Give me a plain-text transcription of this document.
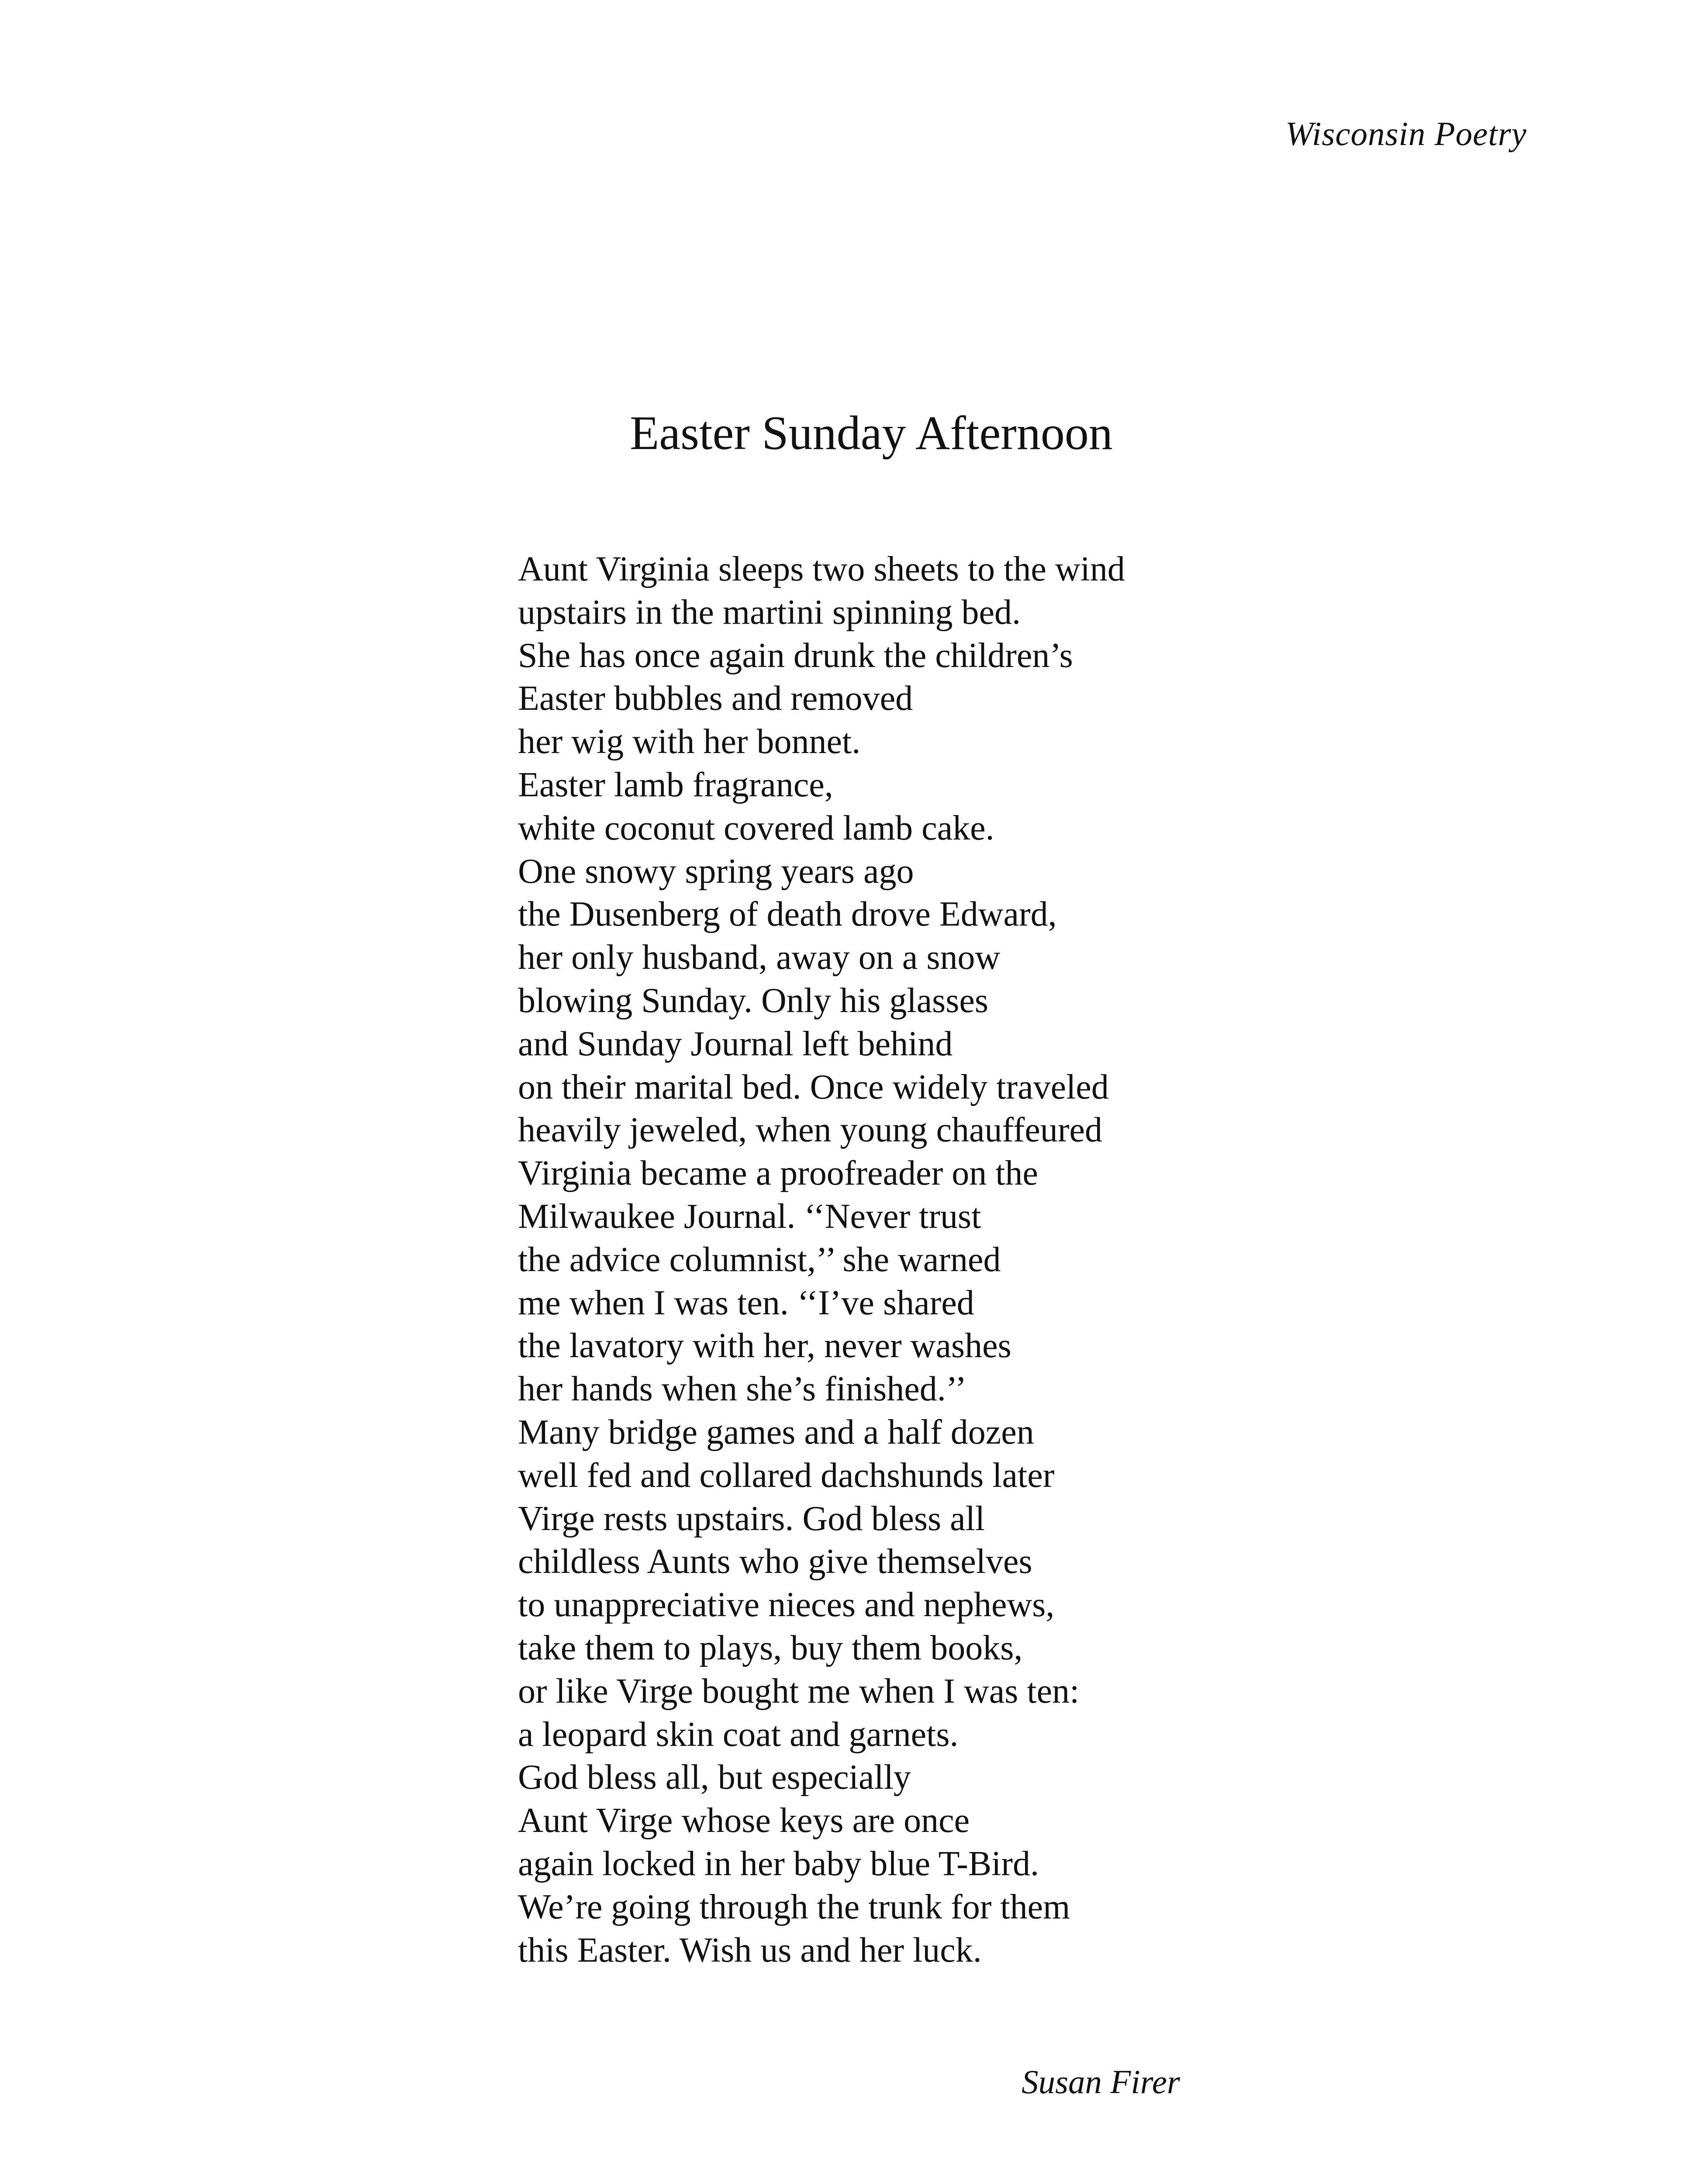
Wisconsin Poetry
Easter Sunday Afternoon
Aunt Virginia sleeps two sheets to the wind
upstairs in the martini spinning bed.
She has once again drunk the children’s
Easter bubbles and removed
her wig with her bonnet.
Easter lamb fragrance,
white coconut covered lamb cake.
One snowy spring years ago
the Dusenberg of death drove Edward,
her only husband, away on a snow
blowing Sunday. Only his glasses
and Sunday Journal left behind
on their marital bed. Once widely traveled
heavily jeweled, when young chauffeured
Virginia became a proofreader on the
Milwaukee Journal. ‘‘Never trust
the advice columnist,’’ she warned
me when I was ten. ‘‘I’ve shared
the lavatory with her, never washes
her hands when she’s finished.’’
Many bridge games and a half dozen
well fed and collared dachshunds later
Virge rests upstairs. God bless all
childless Aunts who give themselves
to unappreciative nieces and nephews,
take them to plays, buy them books,
or like Virge bought me when I was ten:
a leopard skin coat and garnets.
God bless all, but especially
Aunt Virge whose keys are once
again locked in her baby blue T-Bird.
We’re going through the trunk for them
this Easter. Wish us and her luck.
Susan Firer
